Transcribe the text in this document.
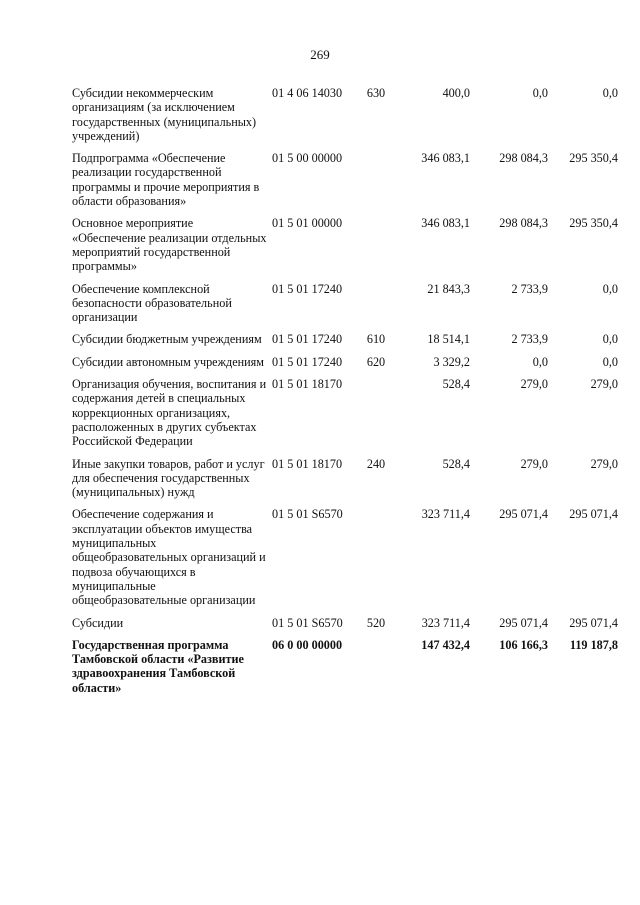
269
Субсидии некоммерческим организациям (за исключением государственных (муниципальных) учреждений)	01 4 06 14030	630	400,0	0,0	0,0
Подпрограмма «Обеспечение реализации государственной программы и прочие мероприятия в области образования»	01 5 00 00000		346 083,1	298 084,3	295 350,4
Основное мероприятие «Обеспечение реализации отдельных мероприятий государственной программы»	01 5 01 00000		346 083,1	298 084,3	295 350,4
Обеспечение комплексной безопасности образовательной организации	01 5 01 17240		21 843,3	2 733,9	0,0
Субсидии бюджетным учреждениям	01 5 01 17240	610	18 514,1	2 733,9	0,0
Субсидии автономным учреждениям	01 5 01 17240	620	3 329,2	0,0	0,0
Организация обучения, воспитания и содержания детей в специальных коррекционных организациях, расположенных в других субъектах Российской Федерации	01 5 01 18170		528,4	279,0	279,0
Иные закупки товаров, работ и услуг для обеспечения государственных (муниципальных) нужд	01 5 01 18170	240	528,4	279,0	279,0
Обеспечение содержания и эксплуатации объектов имущества муниципальных общеобразовательных организаций и подвоза обучающихся в муниципальные общеобразовательные организации	01 5 01 S6570		323 711,4	295 071,4	295 071,4
Субсидии	01 5 01 S6570	520	323 711,4	295 071,4	295 071,4
Государственная программа Тамбовской области «Развитие здравоохранения Тамбовской области»	06 0 00 00000		147 432,4	106 166,3	119 187,8
